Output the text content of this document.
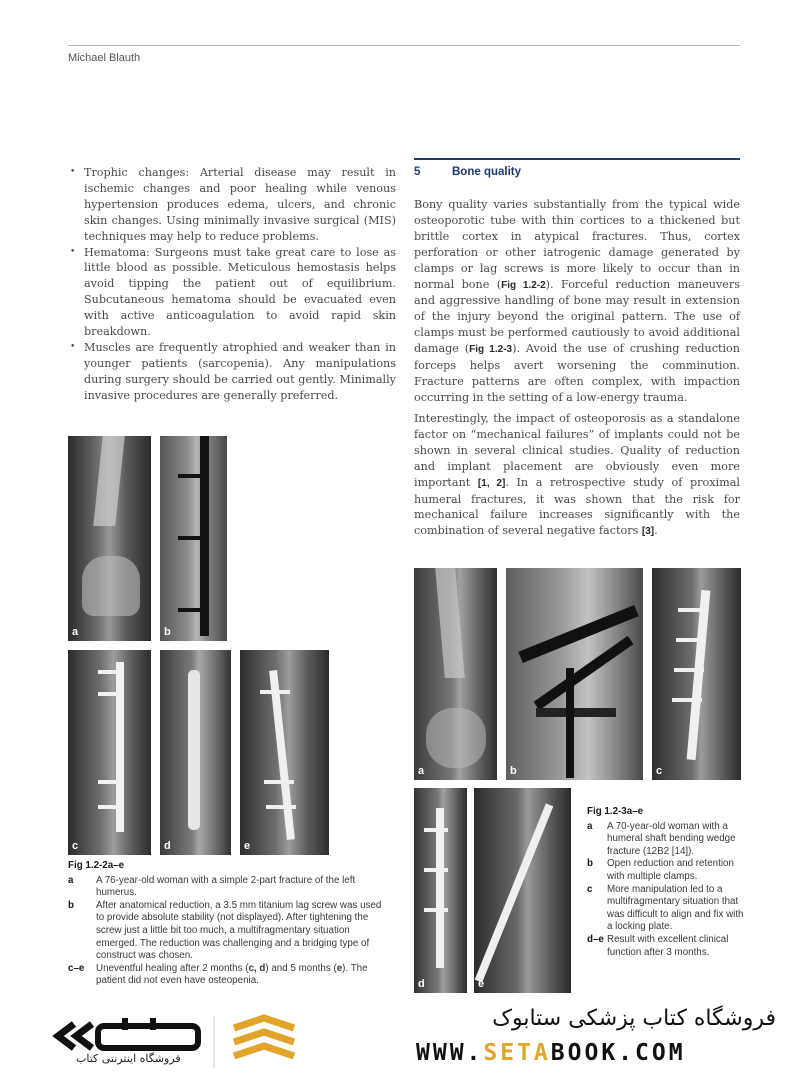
Michael Blauth
• Trophic changes: Arterial disease may result in ischemic changes and poor healing while venous hypertension produces edema, ulcers, and chronic skin changes. Using minimally invasive surgical (MIS) techniques may help to reduce problems.
• Hematoma: Surgeons must take great care to lose as little blood as possible. Meticulous hemostasis helps avoid tipping the patient out of equilibrium. Subcutaneous hematoma should be evacuated even with active anticoagulation to avoid rapid skin breakdown.
• Muscles are frequently atrophied and weaker than in younger patients (sarcopenia). Any manipulations during surgery should be carried out gently. Minimally invasive procedures are generally preferred.
5	Bone quality

Bony quality varies substantially from the typical wide osteoporotic tube with thin cortices to a thickened but brittle cortex in atypical fractures. Thus, cortex perforation or other iatrogenic damage generated by clamps or lag screws is more likely to occur than in normal bone (Fig 1.2-2). Forceful reduction maneuvers and aggressive handling of bone may result in extension of the injury beyond the original pattern. The use of clamps must be performed cautiously to avoid additional damage (Fig 1.2-3). Avoid the use of crushing reduction forceps helps avert worsening the comminution. Fracture patterns are often complex, with impaction occurring in the setting of a low-energy trauma.

Interestingly, the impact of osteoporosis as a standalone factor on “mechanical failures” of implants could not be shown in several clinical studies. Quality of reduction and implant placement are obviously even more important [1, 2]. In a retrospective study of proximal humeral fractures, it was shown that the risk for mechanical failure increases significantly with the combination of several negative factors [3].

a	b
c	d	e
Fig 1.2-2a–e
a	A 76-year-old woman with a simple 2-part fracture of the left humerus.
b	After anatomical reduction, a 3.5 mm titanium lag screw was used to provide absolute stability (not displayed). After tightening the screw just a little bit too much, a multifragmentary situation emerged. The reduction was challenging and a bridging type of construct was chosen.
c–e	Uneventful healing after 2 months (c, d) and 5 months (e). The patient did not even have osteopenia.
a	b	c
d	e
Fig 1.2-3a–e
a	A 70-year-old woman with a humeral shaft bending wedge fracture (12B2 [14]).
b	Open reduction and retention with multiple clamps.
c	More manipulation led to a multifragmentary situation that was difficult to align and fix with a locking plate.
d–e	Result with excellent clinical function after 3 months.
فروشگاه اینترنتی کتاب
فروشگاه کتاب پزشکی ستابوک
WWW.SETABOOK.COM
